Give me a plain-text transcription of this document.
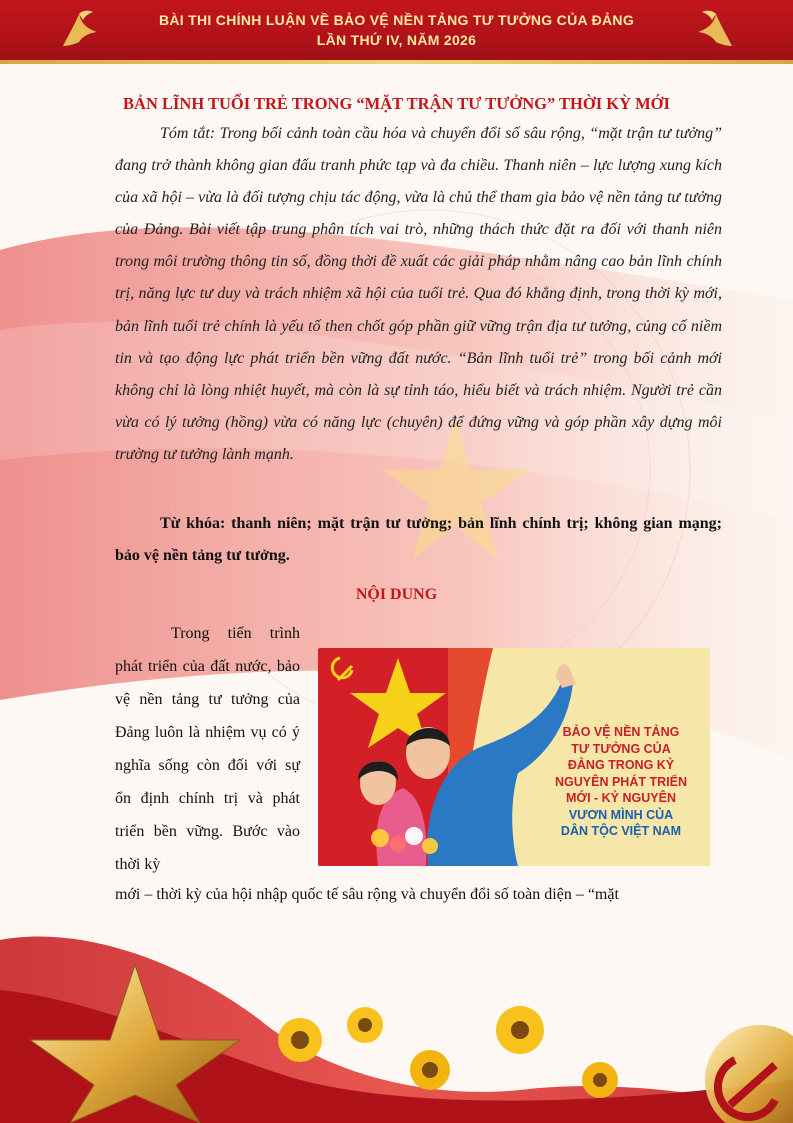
BÀI THI CHÍNH LUẬN VỀ BẢO VỆ NỀN TẢNG TƯ TƯỞNG CỦA ĐẢNG
LẦN THỨ IV, NĂM 2026
BẢN LĨNH TUỔI TRẺ TRONG “MẶT TRẬN TƯ TƯỞNG” THỜI KỲ MỚI
Tóm tắt: Trong bối cảnh toàn cầu hóa và chuyển đổi số sâu rộng, “mặt trận tư tưởng” đang trở thành không gian đấu tranh phức tạp và đa chiều. Thanh niên – lực lượng xung kích của xã hội – vừa là đối tượng chịu tác động, vừa là chủ thể tham gia bảo vệ nền tảng tư tưởng của Đảng. Bài viết tập trung phân tích vai trò, những thách thức đặt ra đối với thanh niên trong môi trường thông tin số, đồng thời đề xuất các giải pháp nhằm nâng cao bản lĩnh chính trị, năng lực tư duy và trách nhiệm xã hội của tuổi trẻ. Qua đó khẳng định, trong thời kỳ mới, bản lĩnh tuổi trẻ chính là yếu tố then chốt góp phần giữ vững trận địa tư tưởng, củng cố niềm tin và tạo động lực phát triển bền vững đất nước. “Bản lĩnh tuổi trẻ” trong bối cảnh mới không chỉ là lòng nhiệt huyết, mà còn là sự tỉnh táo, hiểu biết và trách nhiệm. Người trẻ cần vừa có lý tưởng (hồng) vừa có năng lực (chuyên) để đứng vững và góp phần xây dựng môi trường tư tưởng lành mạnh.
Từ khóa: thanh niên; mặt trận tư tưởng; bản lĩnh chính trị; không gian mạng; bảo vệ nền tảng tư tưởng.
NỘI DUNG
Trong tiến trình phát triển của đất nước, bảo vệ nền tảng tư tưởng của Đảng luôn là nhiệm vụ có ý nghĩa sống còn đối với sự ổn định chính trị và phát triển bền vững. Bước vào thời kỳ
BẢO VỆ NỀN TẢNG
TƯ TƯỞNG CỦA
ĐẢNG TRONG KỶ
NGUYÊN PHÁT TRIỂN
MỚI - KỶ NGUYÊN
VƯƠN MÌNH CỦA
DÂN TỘC VIỆT NAM
mới – thời kỳ của hội nhập quốc tế sâu rộng và chuyển đổi số toàn diện – “mặt
